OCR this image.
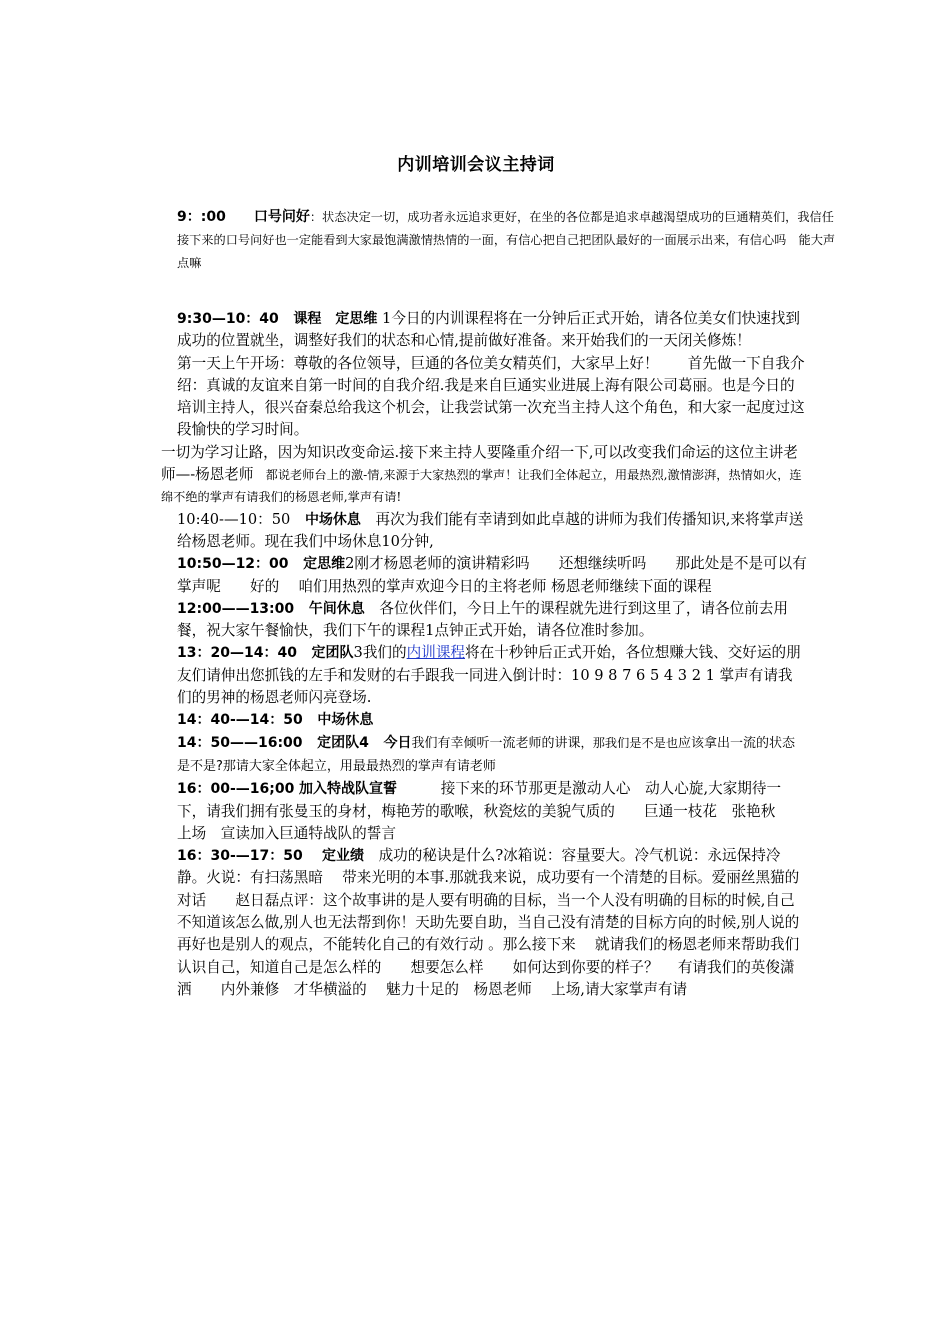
内训培训会议主持词

9：:00 口号问好：状态决定一切，成功者永远追求更好，在坐的各位都是追求卓越渴望成功的巨通精英们，我信任接下来的口号问好也一定能看到大家最饱满激情热情的一面，有信心把自己把团队最好的一面展示出来，有信心吗　能大声点嘛

9:30—10：40　 课程　定思维 1今日的内训课程将在一分钟后正式开始，请各位美女们快速找到成功的位置就坐，调整好我们的状态和心情,提前做好准备。来开始我们的一天闭关修炼！

第一天上午开场：尊敬的各位领导，巨通的各位美女精英们，大家早上好！　　首先做一下自我介绍：真诚的友谊来自第一时间的自我介绍.我是来自巨通实业进展上海有限公司葛丽。也是今日的培训主持人，很兴奋秦总给我这个机会，让我尝试第一次充当主持人这个角色，和大家一起度过这段愉快的学习时间。

一切为学习让路，因为知识改变命运.接下来主持人要隆重介绍一下,可以改变我们命运的这位主讲老师—-杨恩老师　都说老师台上的激-情,来源于大家热烈的掌声！让我们全体起立，用最热烈,激情澎湃，热情如火，连绵不绝的掌声有请我们的杨恩老师,掌声有请!

10:40-—10：50　 中场休息　再次为我们能有幸请到如此卓越的讲师为我们传播知识,来将掌声送给杨恩老师。现在我们中场休息10分钟,

10:50—12：00　 定思维2刚才杨恩老师的演讲精彩吗　　还想继续听吗　　那此处是不是可以有掌声呢　　好的　 咱们用热烈的掌声欢迎今日的主将老师 杨恩老师继续下面的课程

12:00——13:00　 午间休息　各位伙伴们，今日上午的课程就先进行到这里了，请各位前去用餐，祝大家午餐愉快，我们下午的课程1点钟正式开始，请各位准时参加。

13：20—14：40　 定团队3我们的内训课程将在十秒钟后正式开始，各位想赚大钱、交好运的朋友们请伸出您抓钱的左手和发财的右手跟我一同进入倒计时：10 9 8 7 6 5 4 3 2 1 掌声有请我们的男神的杨恩老师闪亮登场.

14：40-—14：50　 中场休息

14：50——16:00　 定团队4　 今日我们有幸倾听一流老师的讲课，那我们是不是也应该拿出一流的状态是不是?那请大家全体起立，用最最热烈的掌声有请老师

16：00-—16;00 加入特战队宣誓　　　接下来的环节那更是激动人心　动人心旋,大家期待一下，请我们拥有张曼玉的身材，梅艳芳的歌喉，秋瓷炫的美貌气质的　　巨通一枝花　张艳秋　 上场　宣读加入巨通特战队的誓言

16：30-—17：50　 定业绩　成功的秘诀是什么?冰箱说：容量要大。冷气机说：永远保持冷静。火说：有扫荡黑暗　 带来光明的本事.那就我来说，成功要有一个清楚的目标。爱丽丝黑猫的对话　　赵日磊点评：这个故事讲的是人要有明确的目标，当一个人没有明确的目标的时候,自己不知道该怎么做,别人也无法帮到你！天助先要自助，当自己没有清楚的目标方向的时候,别人说的再好也是别人的观点，不能转化自己的有效行动 。那么接下来　 就请我们的杨恩老师来帮助我们认识自己，知道自己是怎么样的　　想要怎么样　　如何达到你要的样子？　 有请我们的英俊潇洒　　内外兼修　才华横溢的　 魅力十足的　杨恩老师　 上场,请大家掌声有请
